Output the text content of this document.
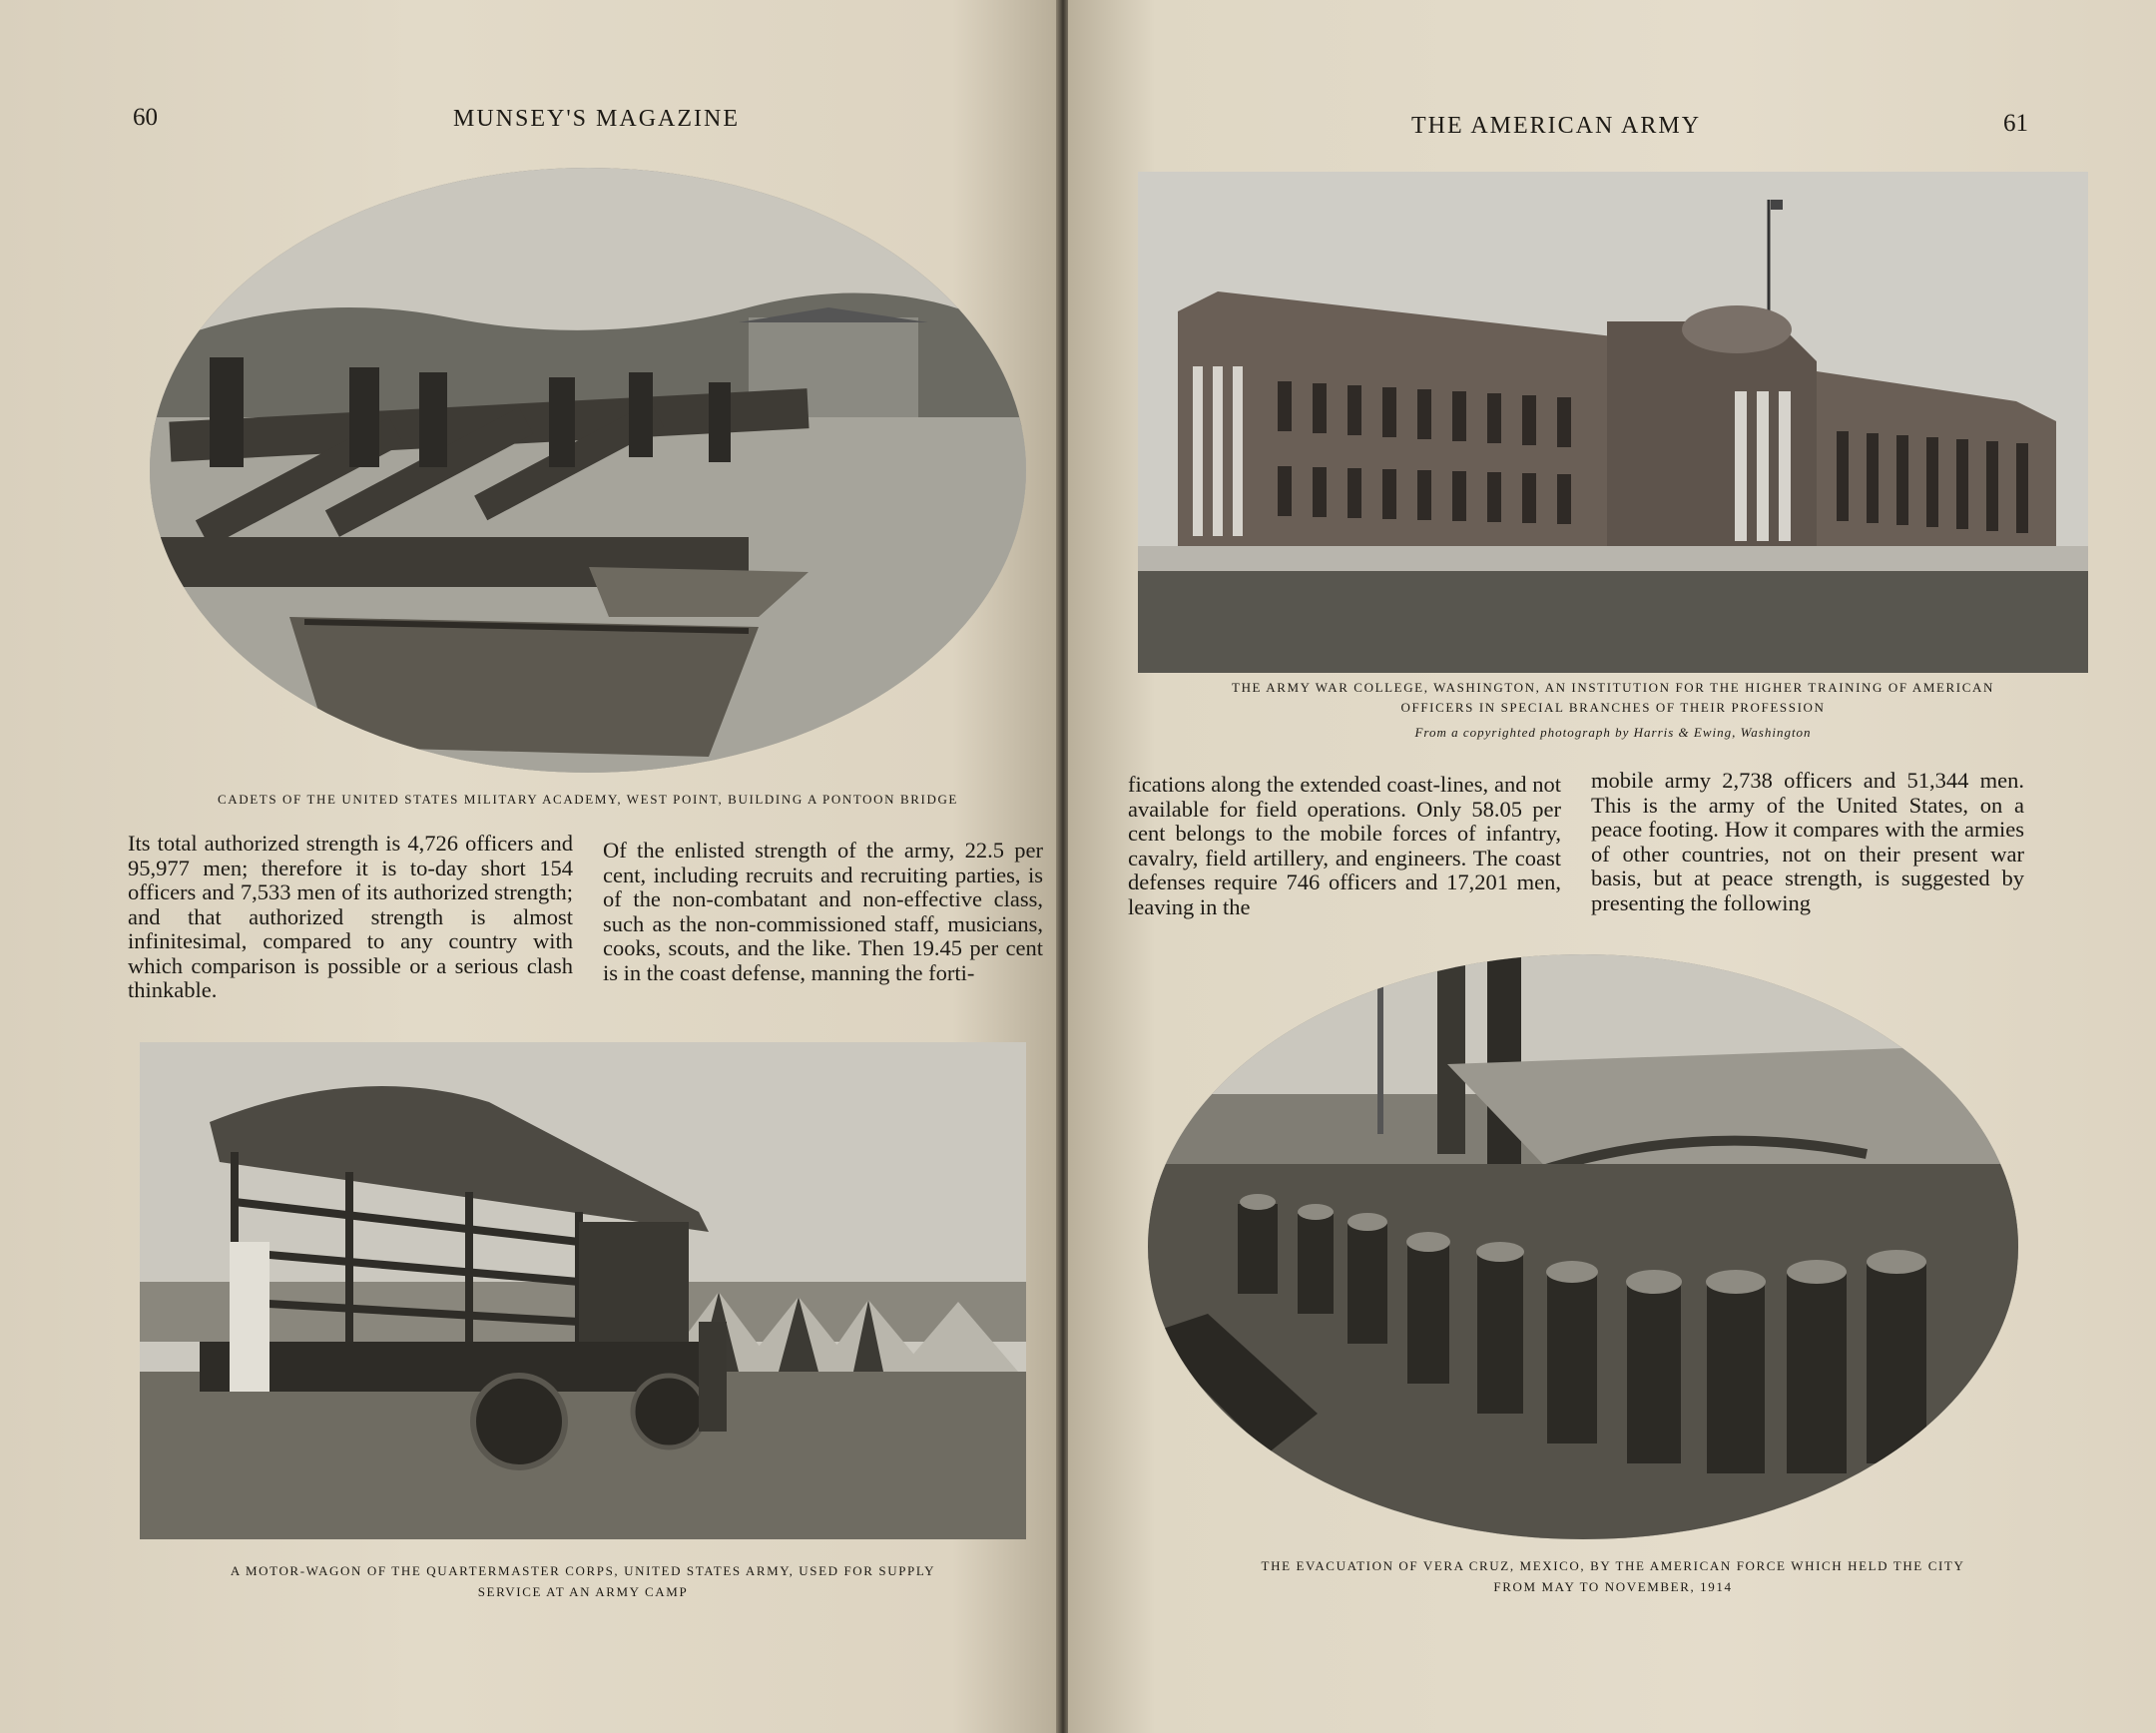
60	MUNSEY'S MAGAZINE
CADETS OF THE UNITED STATES MILITARY ACADEMY, WEST POINT, BUILDING A PONTOON BRIDGE

Its total authorized strength is 4,726 officers and 95,977 men; therefore it is to-day short 154 officers and 7,533 men of its authorized strength; and that authorized strength is almost infinitesimal, compared to any country with which comparison is possible or a serious clash thinkable.

Of the enlisted strength of the army, 22.5 per cent, including recruits and recruiting parties, is of the non-combatant and non-effective class, such as the non-commissioned staff, musicians, cooks, scouts, and the like. Then 19.45 per cent is in the coast defense, manning the forti-

A MOTOR-WAGON OF THE QUARTERMASTER CORPS, UNITED STATES ARMY, USED FOR SUPPLY
SERVICE AT AN ARMY CAMP
THE AMERICAN ARMY	61
THE ARMY WAR COLLEGE, WASHINGTON, AN INSTITUTION FOR THE HIGHER TRAINING OF AMERICAN
OFFICERS IN SPECIAL BRANCHES OF THEIR PROFESSION
From a copyrighted photograph by Harris & Ewing, Washington

fications along the extended coast-lines, and not available for field operations. Only 58.05 per cent belongs to the mobile forces of infantry, cavalry, field artillery, and engineers. The coast defenses require 746 officers and 17,201 men, leaving in the

mobile army 2,738 officers and 51,344 men. This is the army of the United States, on a peace footing. How it compares with the armies of other countries, not on their present war basis, but at peace strength, is suggested by presenting the following

THE EVACUATION OF VERA CRUZ, MEXICO, BY THE AMERICAN FORCE WHICH HELD THE CITY
FROM MAY TO NOVEMBER, 1914
